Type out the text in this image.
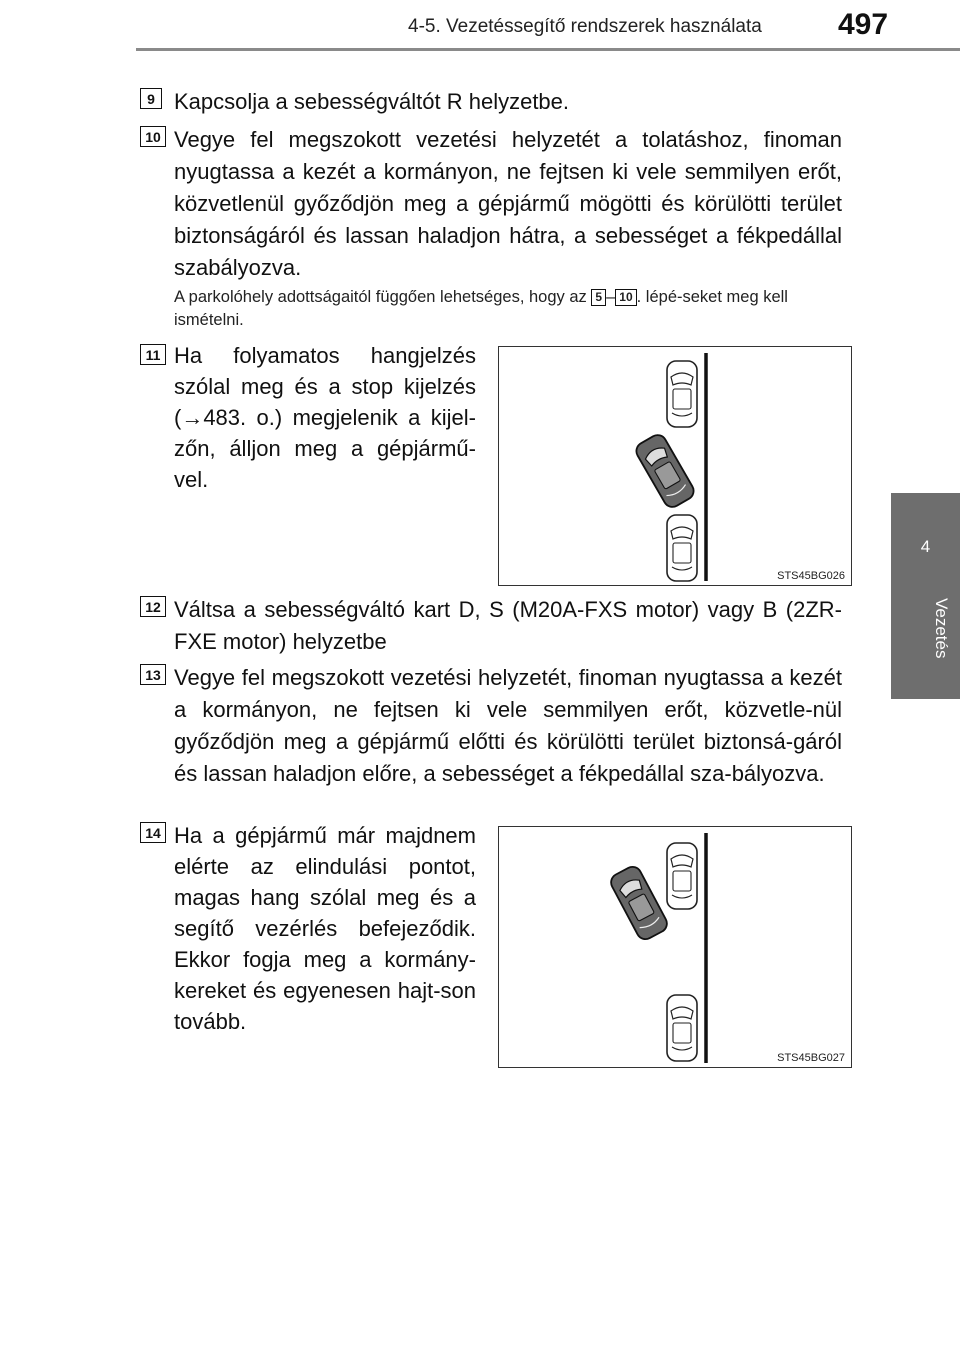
4-5. Vezetéssegítő rendszerek használata	497
4
Vezetés
9 Kapcsolja a sebességváltót R helyzetbe.

10 Vegye fel megszokott vezetési helyzetét a tolatáshoz, finoman nyugtassa a kezét a kormányon, ne fejtsen ki vele semmilyen erőt, közvetlenül győződjön meg a gépjármű mögötti és körülötti terület biztonságáról és lassan haladjon hátra, a sebességet a fékpedállal szabályozva.

A parkolóhely adottságaitól függően lehetséges, hogy az 5 – 10 . lépé-seket meg kell ismételni.

11 Ha folyamatos hangjelzés szólal meg és a stop kijelzés (→483. o.) megjelenik a kijel-zőn, álljon meg a gépjármű-vel.

STS45BG026
12 Váltsa a sebességváltó kart D, S (M20A-FXS motor) vagy B (2ZR-FXE motor) helyzetbe

13 Vegye fel megszokott vezetési helyzetét, finoman nyugtassa a kezét a kormányon, ne fejtsen ki vele semmilyen erőt, közvetle-nül győződjön meg a gépjármű előtti és körülötti terület biztonsá-gáról és lassan haladjon előre, a sebességet a fékpedállal sza-bályozva.

14 Ha a gépjármű már majdnem elérte az elindulási pontot, magas hang szólal meg és a segítő vezérlés befejeződik. Ekkor fogja meg a kormány-kereket és egyenesen hajt-son tovább.

STS45BG027
